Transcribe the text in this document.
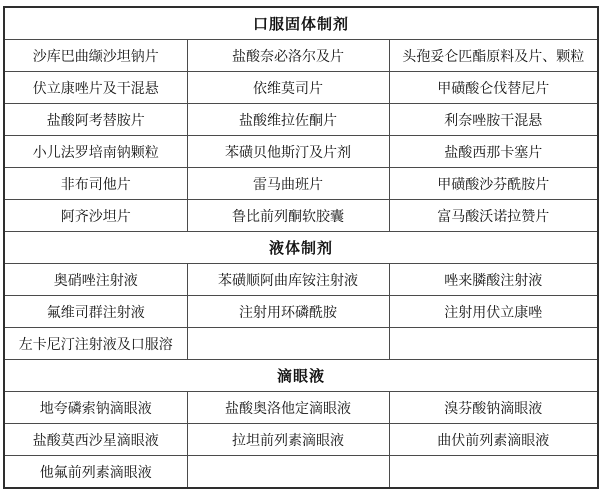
口服固体制剂		
沙库巴曲缬沙坦钠片	盐酸奈必洛尔及片	头孢妥仑匹酯原料及片、颗粒
伏立康唑片及干混悬	依维莫司片	甲磺酸仑伐替尼片
盐酸阿考替胺片	盐酸维拉佐酮片	利奈唑胺干混悬
小儿法罗培南钠颗粒	苯磺贝他斯汀及片剂	盐酸西那卡塞片
非布司他片	雷马曲班片	甲磺酸沙芬酰胺片
阿齐沙坦片	鲁比前列酮软胶囊	富马酸沃诺拉赞片
液体制剂		
奥硝唑注射液	苯磺顺阿曲库铵注射液	唑来膦酸注射液
氟维司群注射液	注射用环磷酰胺	注射用伏立康唑
左卡尼汀注射液及口服溶		
滴眼液		
地夸磷索钠滴眼液	盐酸奥洛他定滴眼液	溴芬酸钠滴眼液
盐酸莫西沙星滴眼液	拉坦前列素滴眼液	曲伏前列素滴眼液
他氟前列素滴眼液		
